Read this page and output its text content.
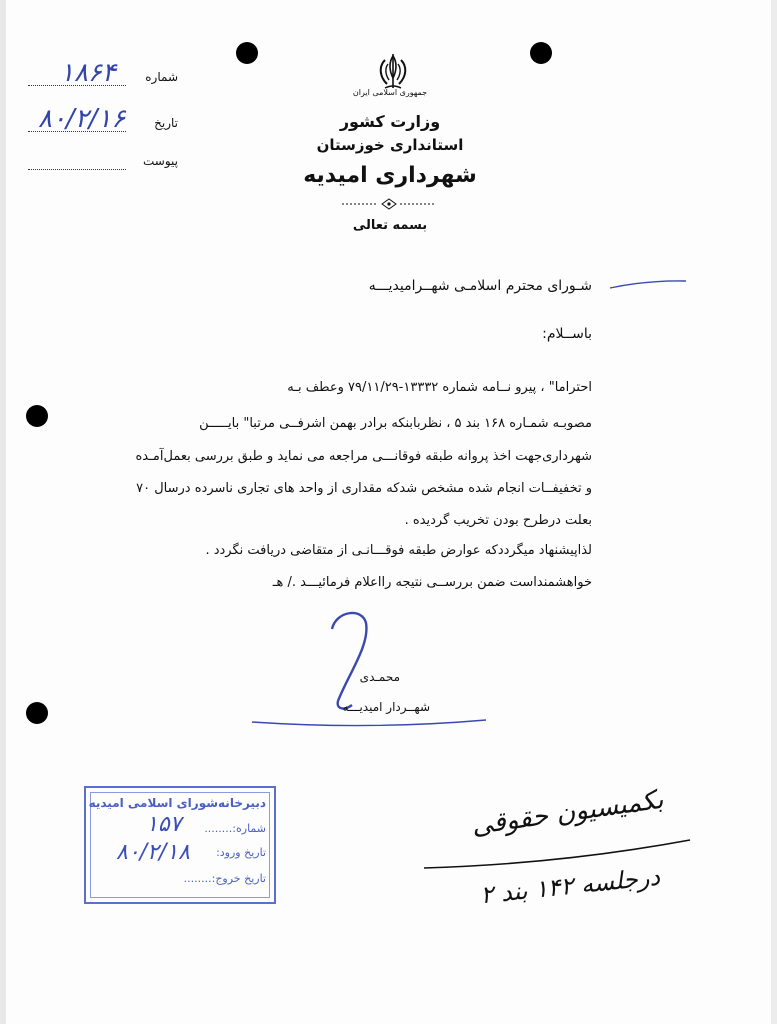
شماره
۱۸۶۴
تاریخ
۸۰/۲/۱۶
پیوست
جمهوری اسلامی ایران
وزارت کشور
استانداری خوزستان
شهرداری امیدیه
بسمه تعالی
شـورای محترم اسلامـی شهــرامیدیـــه
باســلام:
احتراما" ، پیرو نــامه شماره ۱۳۳۳۲-۷۹/۱۱/۲۹ وعطف بـه
مصوبـه شمـاره ۱۶۸ بند ۵ ، نظربابنکه برادر بهمن اشرفــی مرتبا" بایـــــن
شهرداری‌جهت اخذ پروانه طبقه فوقانـــی مراجعه می نماید و طبق بررسی بعمل‌آمـده
و تخفیفــات انجام شده مشخص شدکه مقداری از واحد های تجاری ناسرده درسال ۷۰
بعلت درطرح بودن تخریب گردیده .
لذاپیشنهاد میگرددکه عوارض طبقه فوقـــانـی از متقاضی دریافت نگردد .
خواهشمنداست ضمن بررســی نتیجه رااعلام فرمائیـــد ./ هـ
محمـدی
شهــردار امیدیـــه
دبیرخانه‌شورای اسلامی امیدیه
شماره:........
۱۵۷
تاریخ ورود:
۸۰/۲/۱۸
تاریخ خروج:........
بکمیسیون حقوقی
درجلسه ۱۴۲ بند ۲
